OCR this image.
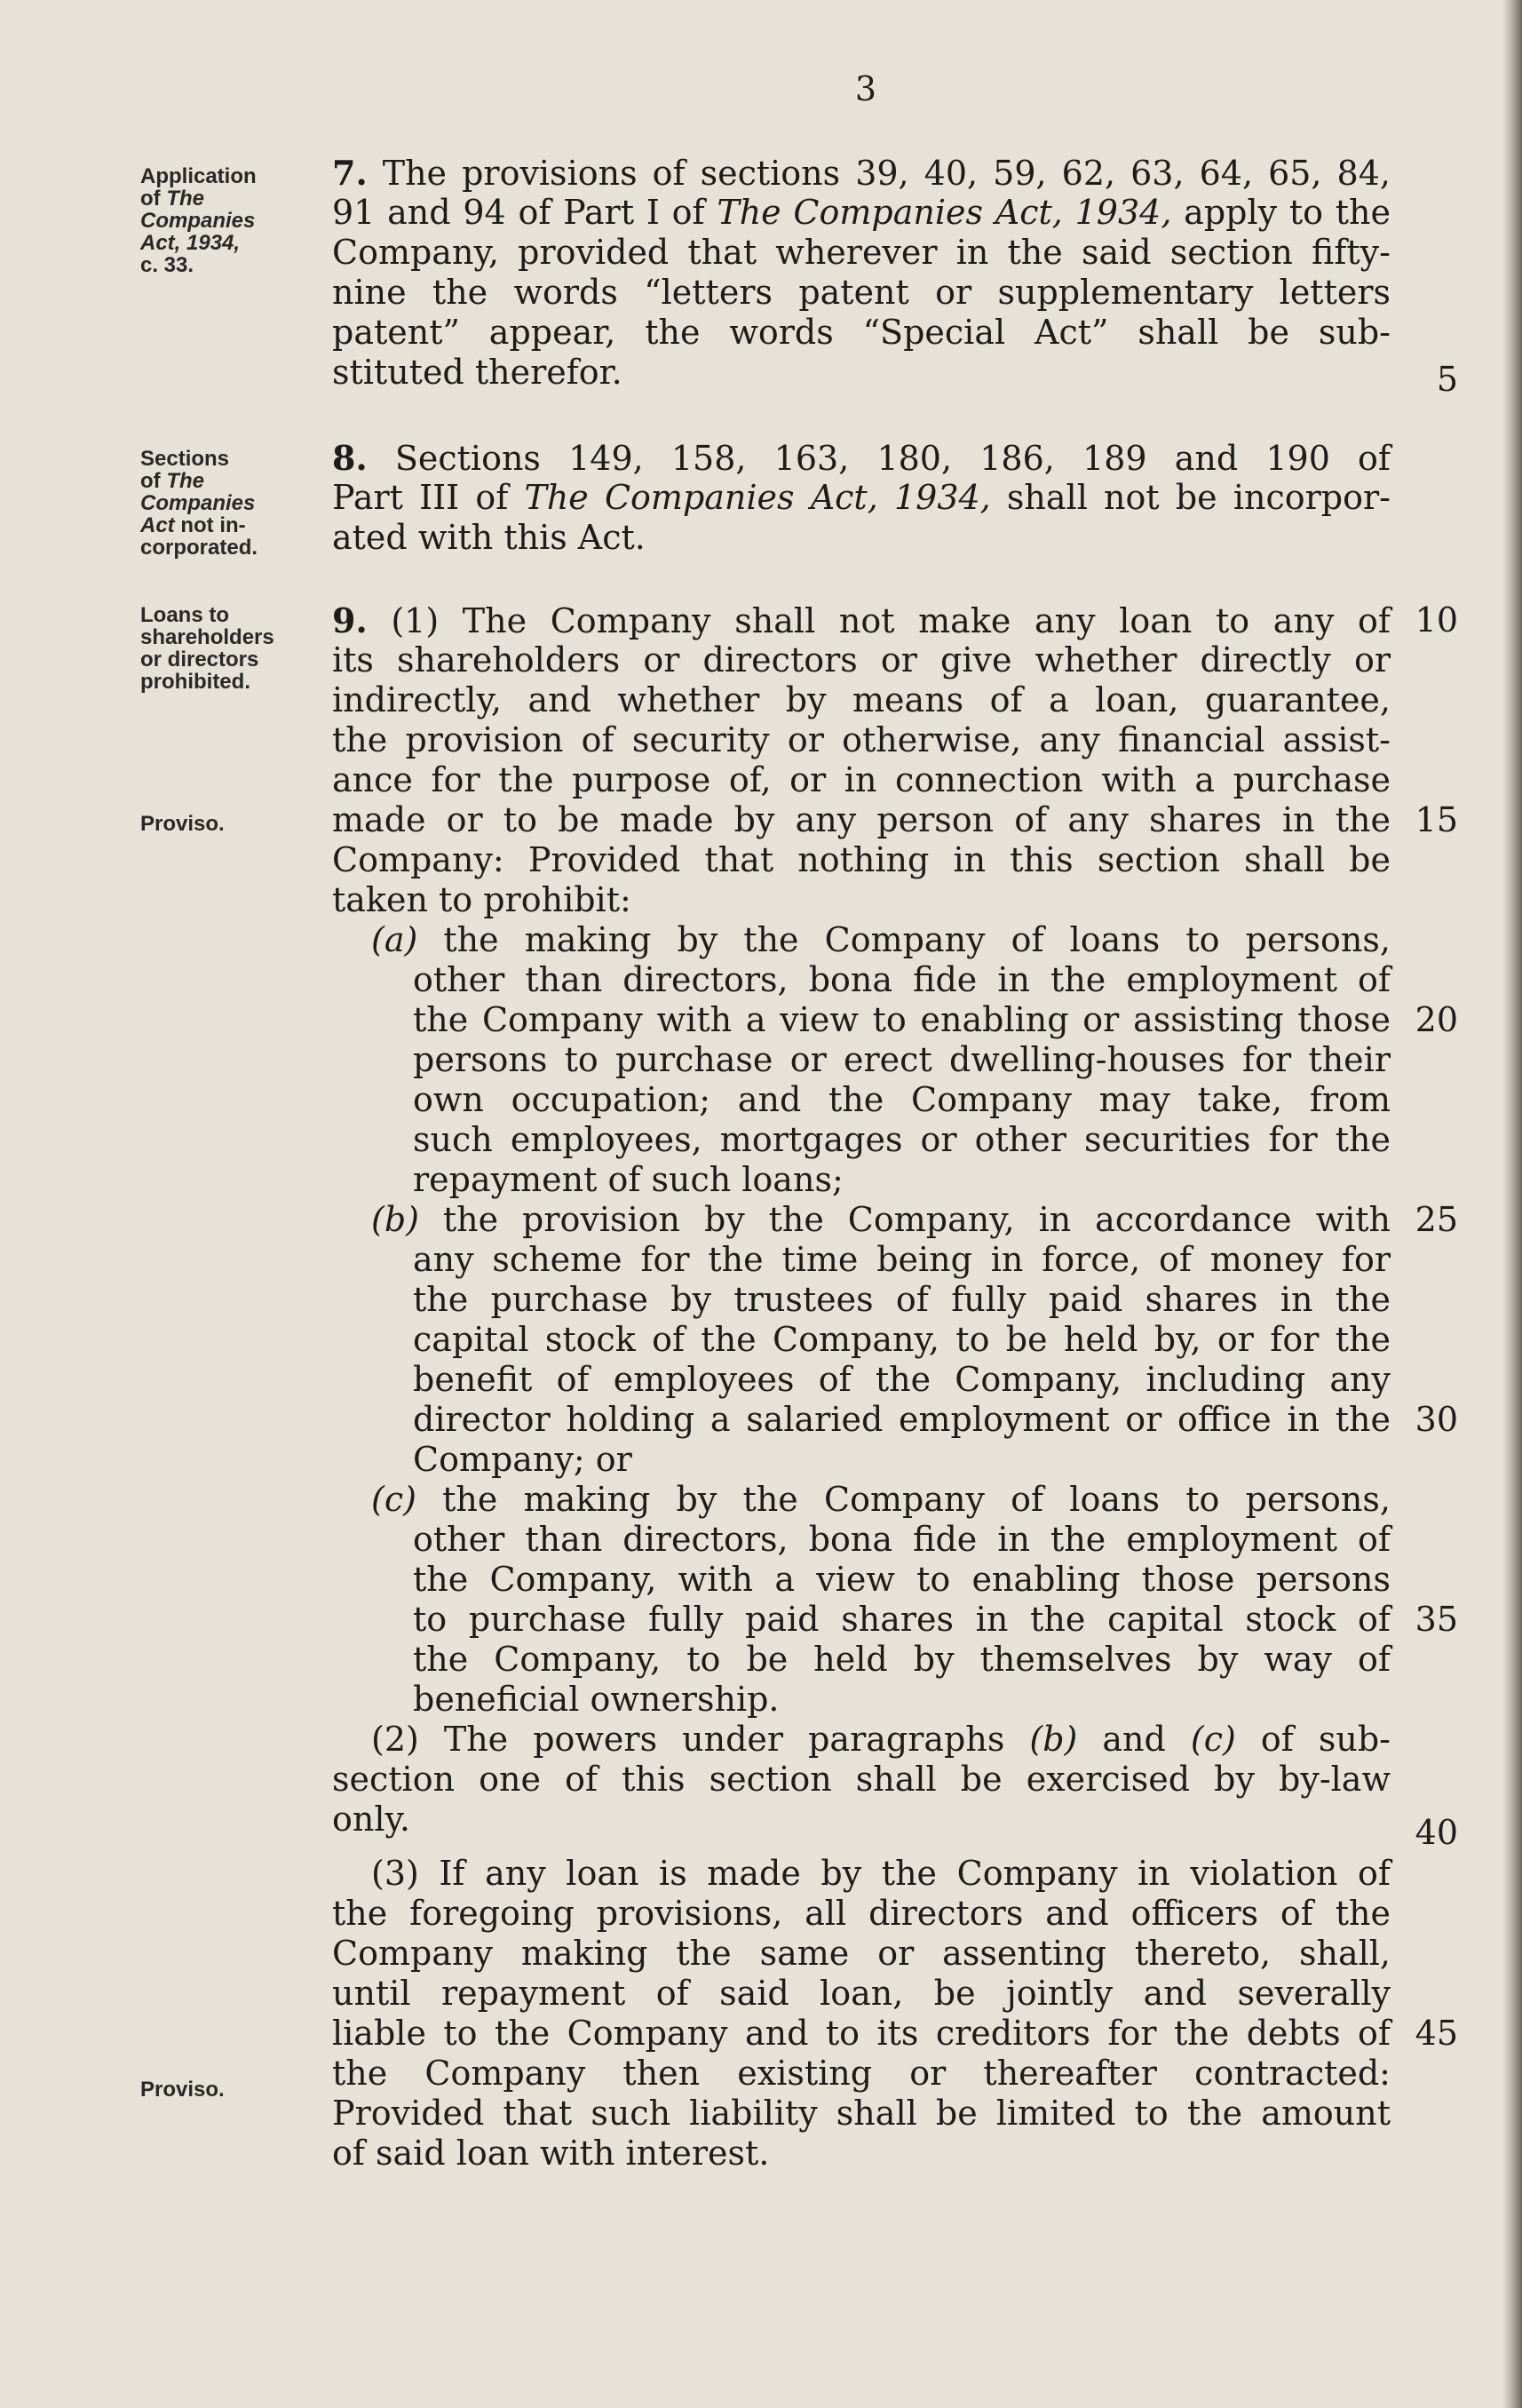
3
Application
of The
Companies
Act, 1934,
c. 33.
Sections
of The
Companies
Act not in-
corporated.
Loans to
shareholders
or directors
prohibited.
Proviso.
Proviso.
7. The provisions of sections 39, 40, 59, 62, 63, 64, 65, 84,
91 and 94 of Part I of The Companies Act, 1934, apply to the
Company, provided that wherever in the said section fifty-
nine the words “letters patent or supplementary letters
patent” appear, the words “Special Act” shall be sub-
stituted therefor.
8. Sections 149, 158, 163, 180, 186, 189 and 190 of
Part III of The Companies Act, 1934, shall not be incorpor-
ated with this Act.
9. (1) The Company shall not make any loan to any of
its shareholders or directors or give whether directly or
indirectly, and whether by means of a loan, guarantee,
the provision of security or otherwise, any financial assist-
ance for the purpose of, or in connection with a purchase
made or to be made by any person of any shares in the
Company: Provided that nothing in this section shall be
taken to prohibit:
(a) the making by the Company of loans to persons,
other than directors, bona fide in the employment of
the Company with a view to enabling or assisting those
persons to purchase or erect dwelling-houses for their
own occupation; and the Company may take, from
such employees, mortgages or other securities for the
repayment of such loans;
(b) the provision by the Company, in accordance with
any scheme for the time being in force, of money for
the purchase by trustees of fully paid shares in the
capital stock of the Company, to be held by, or for the
benefit of employees of the Company, including any
director holding a salaried employment or office in the
Company; or
(c) the making by the Company of loans to persons,
other than directors, bona fide in the employment of
the Company, with a view to enabling those persons
to purchase fully paid shares in the capital stock of
the Company, to be held by themselves by way of
beneficial ownership.
(2) The powers under paragraphs (b) and (c) of sub-
section one of this section shall be exercised by by-law
only.
(3) If any loan is made by the Company in violation of
the foregoing provisions, all directors and officers of the
Company making the same or assenting thereto, shall,
until repayment of said loan, be jointly and severally
liable to the Company and to its creditors for the debts of
the Company then existing or thereafter contracted:
Provided that such liability shall be limited to the amount
of said loan with interest.
5
10
15
20
25
30
35
40
45
